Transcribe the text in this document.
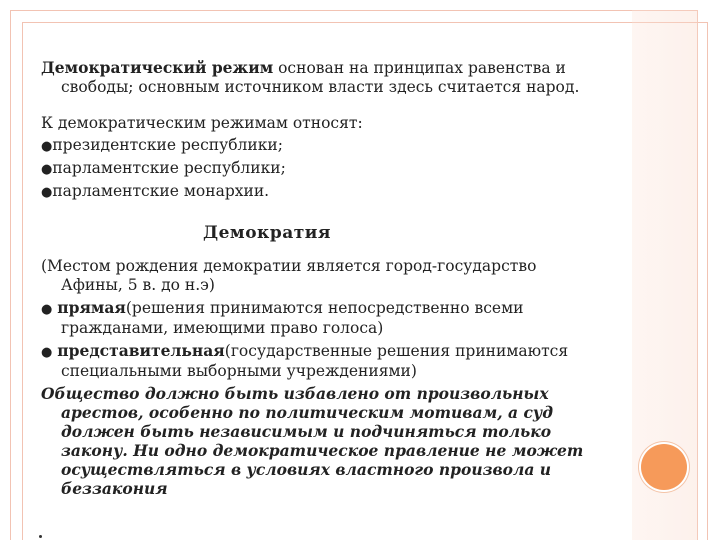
Демократический режим основан на принципах равенства и свободы; основным источником власти здесь считается народ.

К демократическим режимам относят:

●президентские республики;

●парламентские республики;

●парламентские монархии.

Демократия

(Местом рождения демократии является город-государство Афины, 5 в. до н.э)

● прямая(решения принимаются непосредственно всеми гражданами, имеющими право голоса)

● представительная(государственные решения принимаются специальными выборными учреждениями)

Общество должно быть избавлено от произвольных арестов, особенно по политическим мотивам, а суд должен быть независимым и подчиняться только закону. Ни одно демократическое правление не может осуществляться в условиях властного произвола и беззакония
